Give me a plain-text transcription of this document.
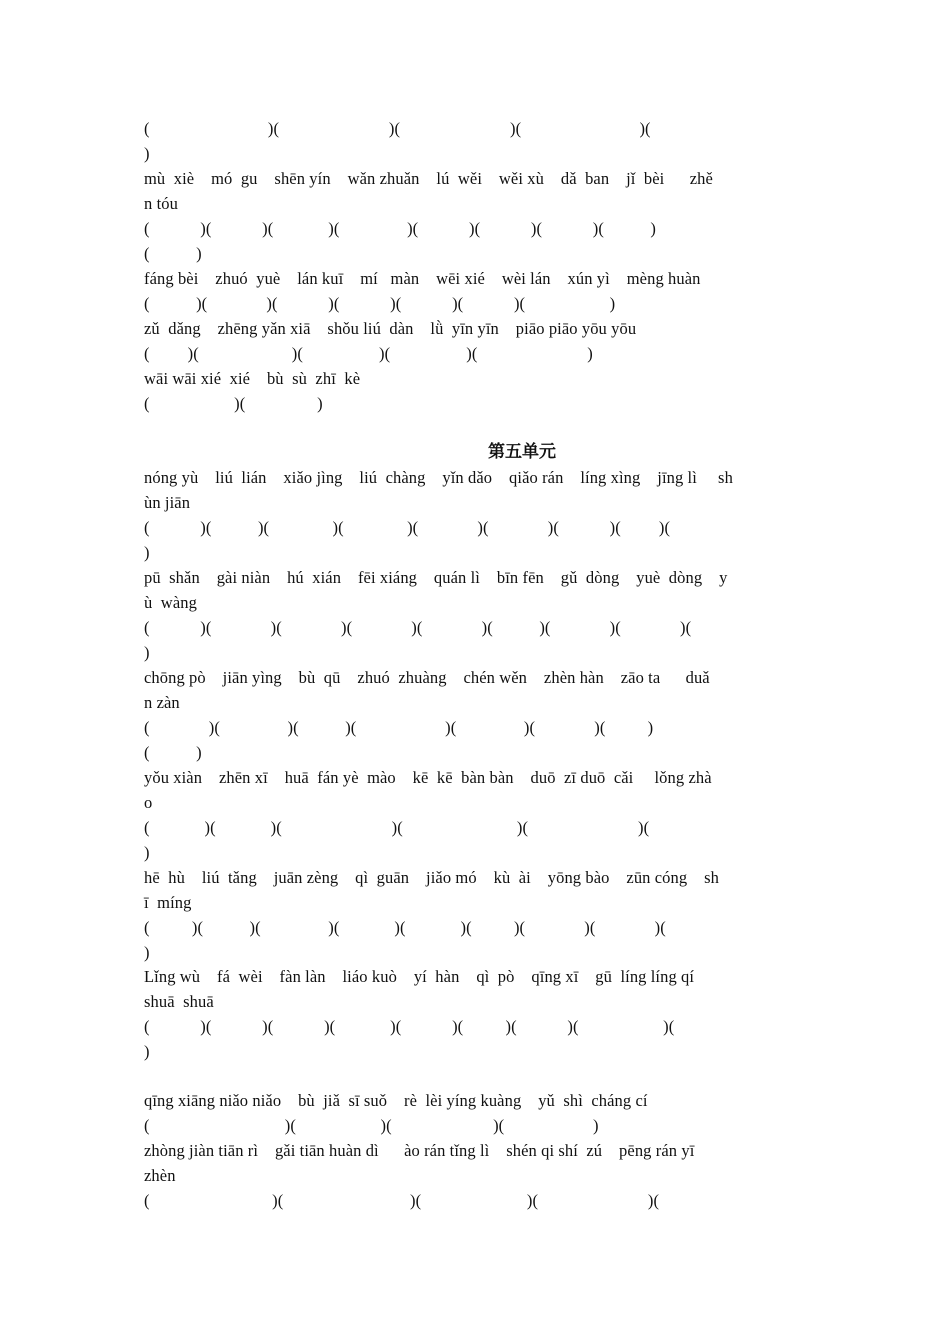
(                            )(                          )(                          )(                            )(
)
mù  xiè    mó  gu    shēn yín    wǎn zhuǎn    lú  wěi    wěi xù    dǎ  ban    jǐ  bèi      zhě
n tóu
(            )(            )(             )(                )(            )(            )(            )(           )
(           )
fáng bèi    zhuó  yuè    lán kuī    mí   màn    wēi xié    wèi lán    xún yì    mèng huàn
(           )(              )(            )(            )(            )(            )(                    )
zǔ  dǎng    zhēng yǎn xiā    shǒu liú  dàn    lǜ  yīn yīn    piāo piāo yōu yōu
(         )(                      )(                  )(                  )(                          )
wāi wāi xié  xié    bù  sù  zhī  kè
(                    )(                 )
第五单元
nóng yù    liú  lián    xiǎo jìng    liú  chàng    yǐn dǎo    qiǎo rán    líng xìng    jīng lì     sh
ùn jiān
(            )(           )(               )(               )(              )(              )(            )(         )(
)
pū  shǎn    gài niàn    hú  xián    fēi xiáng    quán lì    bīn fēn    gǔ  dòng    yuè  dòng    y
ù  wàng
(            )(              )(              )(              )(              )(           )(              )(              )(
)
chōng pò    jiān yìng    bù  qū    zhuó  zhuàng    chén wěn    zhèn hàn    zāo ta      duǎ
n zàn
(              )(                )(           )(                     )(                )(              )(          )
(           )
yǒu xiàn    zhēn xī    huā  fán yè  mào    kē  kē  bàn bàn    duō  zī duō  cǎi     lǒng zhà
o
(             )(             )(                          )(                           )(                          )(
)
hē  hù    liú  tǎng    juān zèng    qì  guān    jiǎo mó    kù  ài    yōng bào    zūn cóng    sh
ī  míng
(          )(           )(                )(             )(             )(          )(              )(              )(
)
Lǐng wù    fá  wèi    fàn làn    liáo kuò    yí  hàn    qì  pò    qīng xī    gū  líng líng qí
shuā  shuā
(            )(            )(            )(             )(            )(          )(            )(                    )(
)
qīng xiāng niǎo niǎo    bù  jiǎ  sī suǒ    rè  lèi yíng kuàng    yǔ  shì  cháng cí
(                                )(                    )(                        )(                     )
zhòng jiàn tiān rì    gǎi tiān huàn dì      ào rán tǐng lì    shén qi shí  zú    pēng rán yī
zhèn
(                             )(                              )(                         )(                          )(
